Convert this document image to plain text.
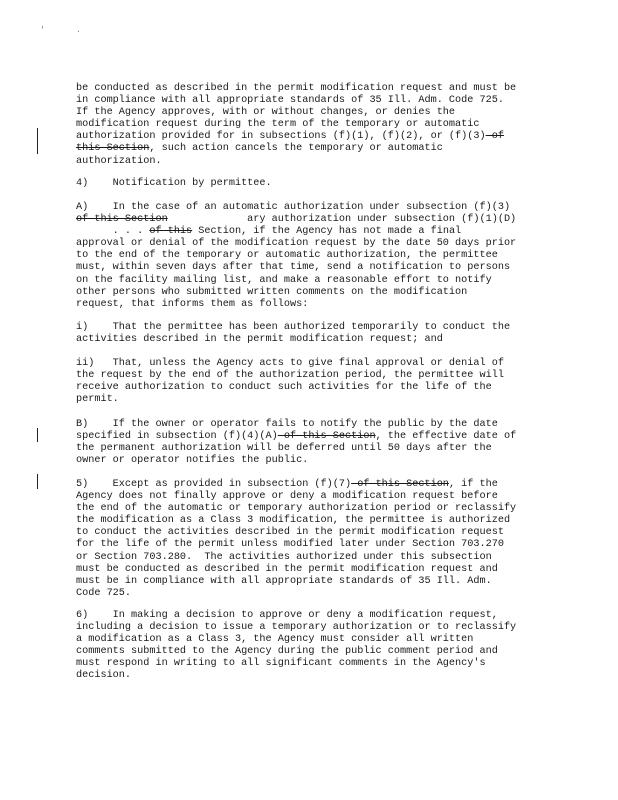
'	.
be conducted as described in the permit modification request and must be
in compliance with all appropriate standards of 35 Ill. Adm. Code 725.
If the Agency approves, with or without changes, or denies the
modification request during the term of the temporary or automatic
authorization provided for in subsections (f)(1), (f)(2), or (f)(3) of
this Section, such action cancels the temporary or automatic
authorization.
4)    Notification by permittee.
A)    In the case of an automatic authorization under subsection (f)(3)
of this Section             ary authorization under subsection (f)(1)(D)
. . . of this Section, if the Agency has not made a final
approval or denial of the modification request by the date 50 days prior
to the end of the temporary or automatic authorization, the permittee
must, within seven days after that time, send a notification to persons
on the facility mailing list, and make a reasonable effort to notify
other persons who submitted written comments on the modification
request, that informs them as follows:
i)    That the permittee has been authorized temporarily to conduct the
activities described in the permit modification request; and
ii)   That, unless the Agency acts to give final approval or denial of
the request by the end of the authorization period, the permittee will
receive authorization to conduct such activities for the life of the
permit.
B)    If the owner or operator fails to notify the public by the date
specified in subsection (f)(4)(A) of this Section, the effective date of
the permanent authorization will be deferred until 50 days after the
owner or operator notifies the public.
5)    Except as provided in subsection (f)(7) of this Section, if the
Agency does not finally approve or deny a modification request before
the end of the automatic or temporary authorization period or reclassify
the modification as a Class 3 modification, the permittee is authorized
to conduct the activities described in the permit modification request
for the life of the permit unless modified later under Section 703.270
or Section 703.280.  The activities authorized under this subsection
must be conducted as described in the permit modification request and
must be in compliance with all appropriate standards of 35 Ill. Adm.
Code 725.
6)    In making a decision to approve or deny a modification request,
including a decision to issue a temporary authorization or to reclassify
a modification as a Class 3, the Agency must consider all written
comments submitted to the Agency during the public comment period and
must respond in writing to all significant comments in the Agency's
decision.
